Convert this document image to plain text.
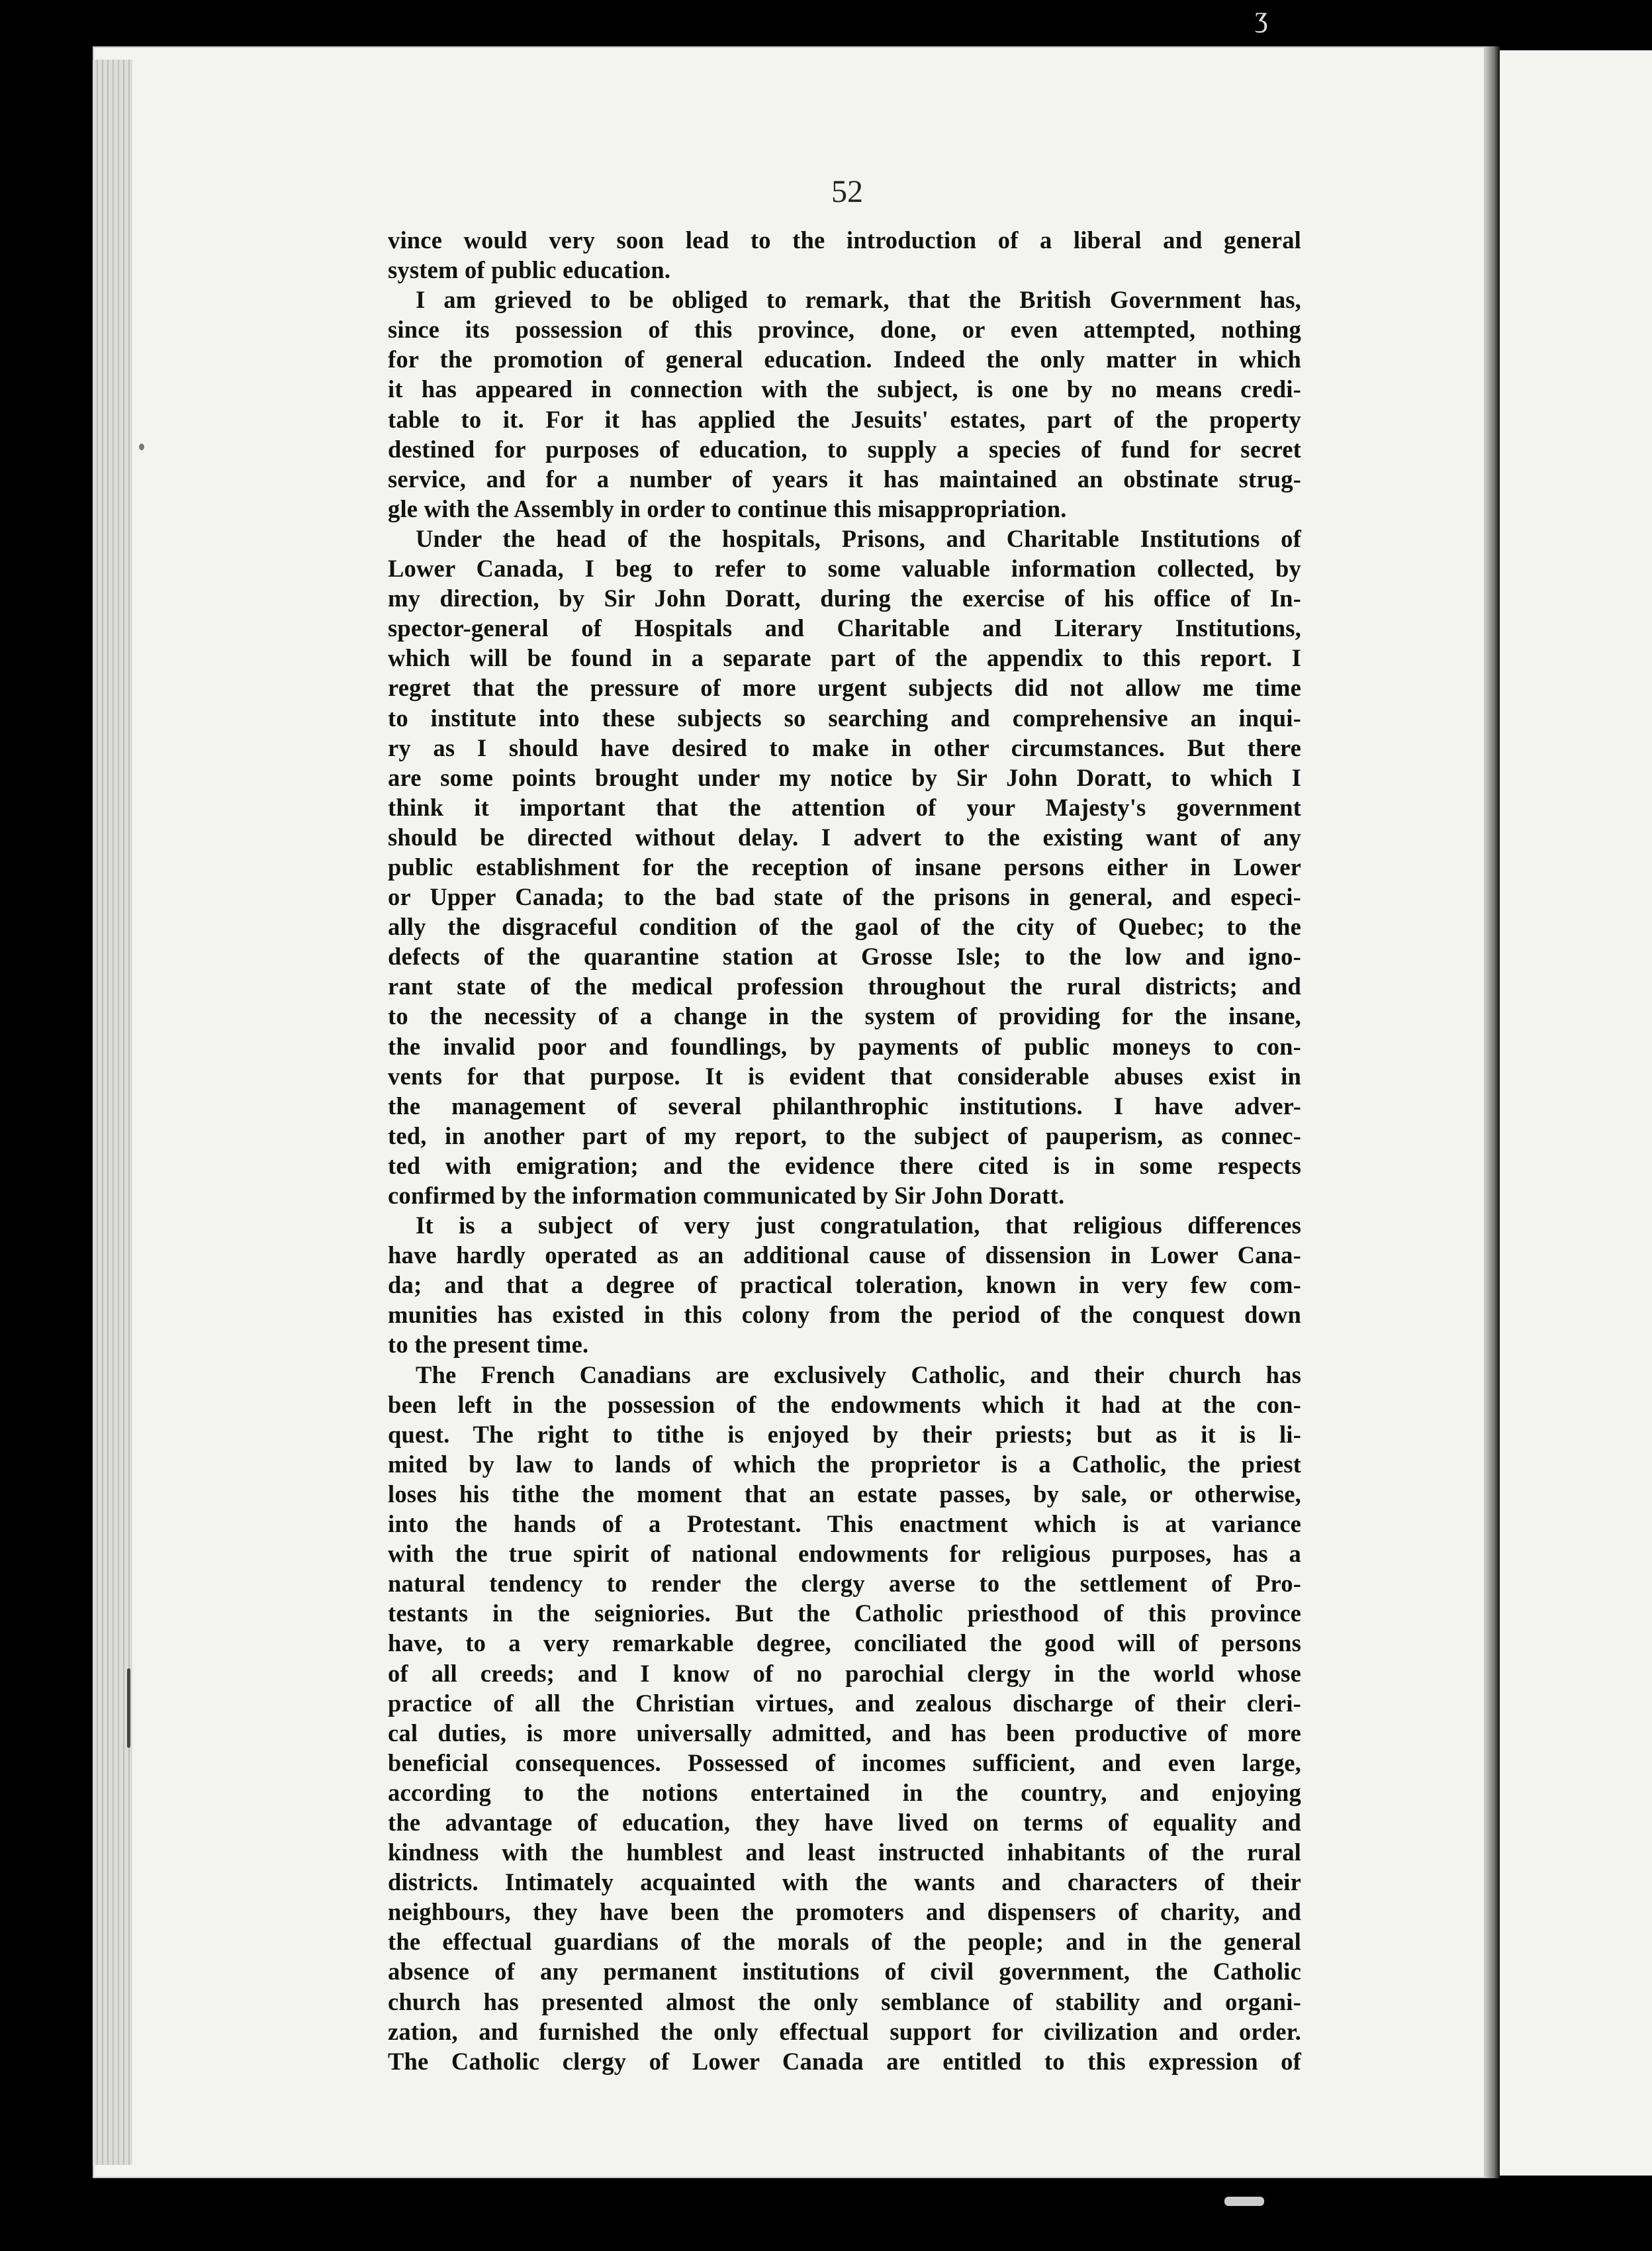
ʒ
52
vince would very soon lead to the introduction of a liberal and general
system of public education.
I am grieved to be obliged to remark, that the British Government has,
since its possession of this province, done, or even attempted, nothing
for the promotion of general education. Indeed the only matter in which
it has appeared in connection with the subject, is one by no means credi-
table to it. For it has applied the Jesuits' estates, part of the property
destined for purposes of education, to supply a species of fund for secret
service, and for a number of years it has maintained an obstinate strug-
gle with the Assembly in order to continue this misappropriation.
Under the head of the hospitals, Prisons, and Charitable Institutions of
Lower Canada, I beg to refer to some valuable information collected, by
my direction, by Sir John Doratt, during the exercise of his office of In-
spector-general of Hospitals and Charitable and Literary Institutions,
which will be found in a separate part of the appendix to this report. I
regret that the pressure of more urgent subjects did not allow me time
to institute into these subjects so searching and comprehensive an inqui-
ry as I should have desired to make in other circumstances. But there
are some points brought under my notice by Sir John Doratt, to which I
think it important that the attention of your Majesty's government
should be directed without delay. I advert to the existing want of any
public establishment for the reception of insane persons either in Lower
or Upper Canada; to the bad state of the prisons in general, and especi-
ally the disgraceful condition of the gaol of the city of Quebec; to the
defects of the quarantine station at Grosse Isle; to the low and igno-
rant state of the medical profession throughout the rural districts; and
to the necessity of a change in the system of providing for the insane,
the invalid poor and foundlings, by payments of public moneys to con-
vents for that purpose. It is evident that considerable abuses exist in
the management of several philanthrophic institutions. I have adver-
ted, in another part of my report, to the subject of pauperism, as connec-
ted with emigration; and the evidence there cited is in some respects
confirmed by the information communicated by Sir John Doratt.
It is a subject of very just congratulation, that religious differences
have hardly operated as an additional cause of dissension in Lower Cana-
da; and that a degree of practical toleration, known in very few com-
munities has existed in this colony from the period of the conquest down
to the present time.
The French Canadians are exclusively Catholic, and their church has
been left in the possession of the endowments which it had at the con-
quest. The right to tithe is enjoyed by their priests; but as it is li-
mited by law to lands of which the proprietor is a Catholic, the priest
loses his tithe the moment that an estate passes, by sale, or otherwise,
into the hands of a Protestant. This enactment which is at variance
with the true spirit of national endowments for religious purposes, has a
natural tendency to render the clergy averse to the settlement of Pro-
testants in the seigniories. But the Catholic priesthood of this province
have, to a very remarkable degree, conciliated the good will of persons
of all creeds; and I know of no parochial clergy in the world whose
practice of all the Christian virtues, and zealous discharge of their cleri-
cal duties, is more universally admitted, and has been productive of more
beneficial consequences. Possessed of incomes sufficient, and even large,
according to the notions entertained in the country, and enjoying
the advantage of education, they have lived on terms of equality and
kindness with the humblest and least instructed inhabitants of the rural
districts. Intimately acquainted with the wants and characters of their
neighbours, they have been the promoters and dispensers of charity, and
the effectual guardians of the morals of the people; and in the general
absence of any permanent institutions of civil government, the Catholic
church has presented almost the only semblance of stability and organi-
zation, and furnished the only effectual support for civilization and order.
The Catholic clergy of Lower Canada are entitled to this expression of
